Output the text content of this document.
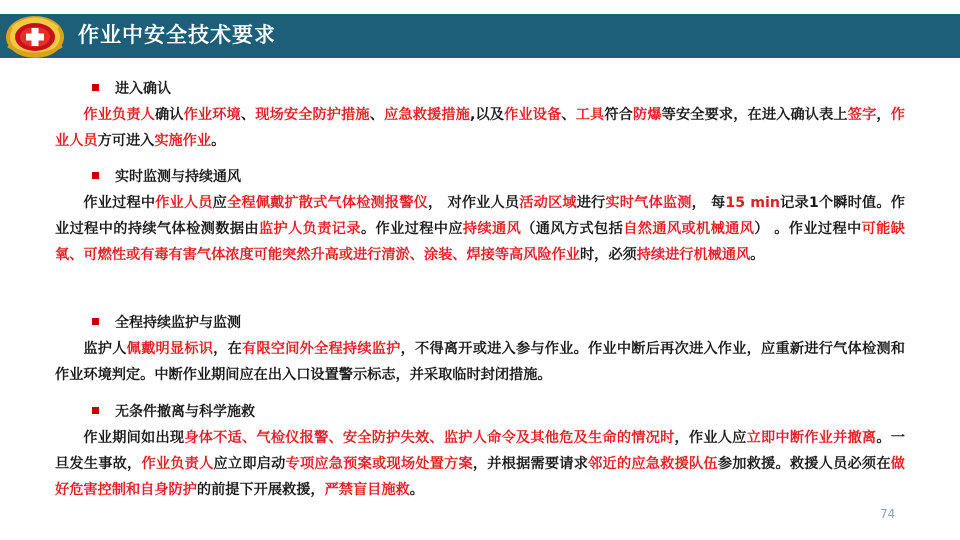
作业中安全技术要求
进入确认
作业负责人确认作业环境、现场安全防护措施、应急救援措施,以及作业设备、工具符合防爆等安全要求，在进入确认表上签字，作业人员方可进入实施作业。
实时监测与持续通风
作业过程中作业人员应全程佩戴扩散式气体检测报警仪， 对作业人员活动区域进行实时气体监测， 每15 min记录1个瞬时值。作业过程中的持续气体检测数据由监护人负责记录。作业过程中应持续通风（通风方式包括自然通风或机械通风） 。作业过程中可能缺氧、可燃性或有毒有害气体浓度可能突然升高或进行清淤、涂装、焊接等高风险作业时，必须持续进行机械通风。
全程持续监护与监测
监护人佩戴明显标识，在有限空间外全程持续监护，不得离开或进入参与作业。作业中断后再次进入作业，应重新进行气体检测和作业环境判定。中断作业期间应在出入口设置警示标志，并采取临时封闭措施。
无条件撤离与科学施救
作业期间如出现身体不适、气检仪报警、安全防护失效、监护人命令及其他危及生命的情况时，作业人应立即中断作业并撤离。一旦发生事故，作业负责人应立即启动专项应急预案或现场处置方案，并根据需要请求邻近的应急救援队伍参加救援。救援人员必须在做好危害控制和自身防护的前提下开展救援，严禁盲目施救。
74
